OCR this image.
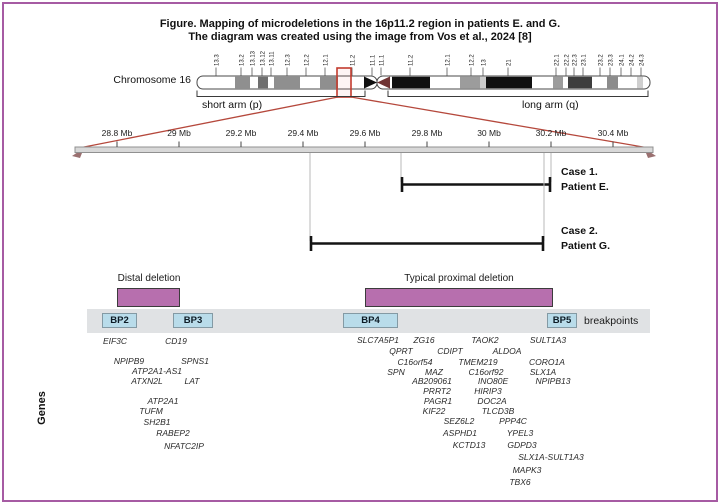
13.3	13.2 13.13 13.12 13.11 12.3 12.2 12.1	11.2 11.1 11.1	11.2	12.1	12.2 13	21	22.1 22.2 22.3 23.1 23.2 23.3 24.1 24.2 24.3
Figure. Mapping of microdeletions in the 16p11.2 region in patients E. and G.
The diagram was created using the image from Vos et al., 2024 [8]
Chromosome 16
short arm (p)	long arm (q)
breakpoints
Genes
28.8 Mb	29 Mb	29.2 Mb	29.4 Mb	29.6 Mb	29.8 Mb	30 Mb	30.2 Mb	30.4 Mb
Case 1.
Patient E.
Case 2.
Patient G.
Distal deletion	Typical proximal deletion
BP2	BP3	BP4	BP5
EIF3C	CD19
NPIPB9	SPNS1
ATP2A1-AS1
ATXN2L	LAT
ATP2A1
TUFM
SH2B1
RABEP2
NFATC2IP
SLC7A5P1 ZG16	TAOK2	SULT1A3
QPRT	CDIPT	ALDOA
C16orf54	TMEM219	CORO1A
SPN MAZ	C16orf92	SLX1A
AB209061	INO80E	NPIPB13
PRRT2	HIRIP3
PAGR1	DOC2A
KIF22	TLCD3B
SEZ6L2	PPP4C
ASPHD1	YPEL3
KCTD13	GDPD3
SLX1A-SULT1A3
MAPK3
TBX6
